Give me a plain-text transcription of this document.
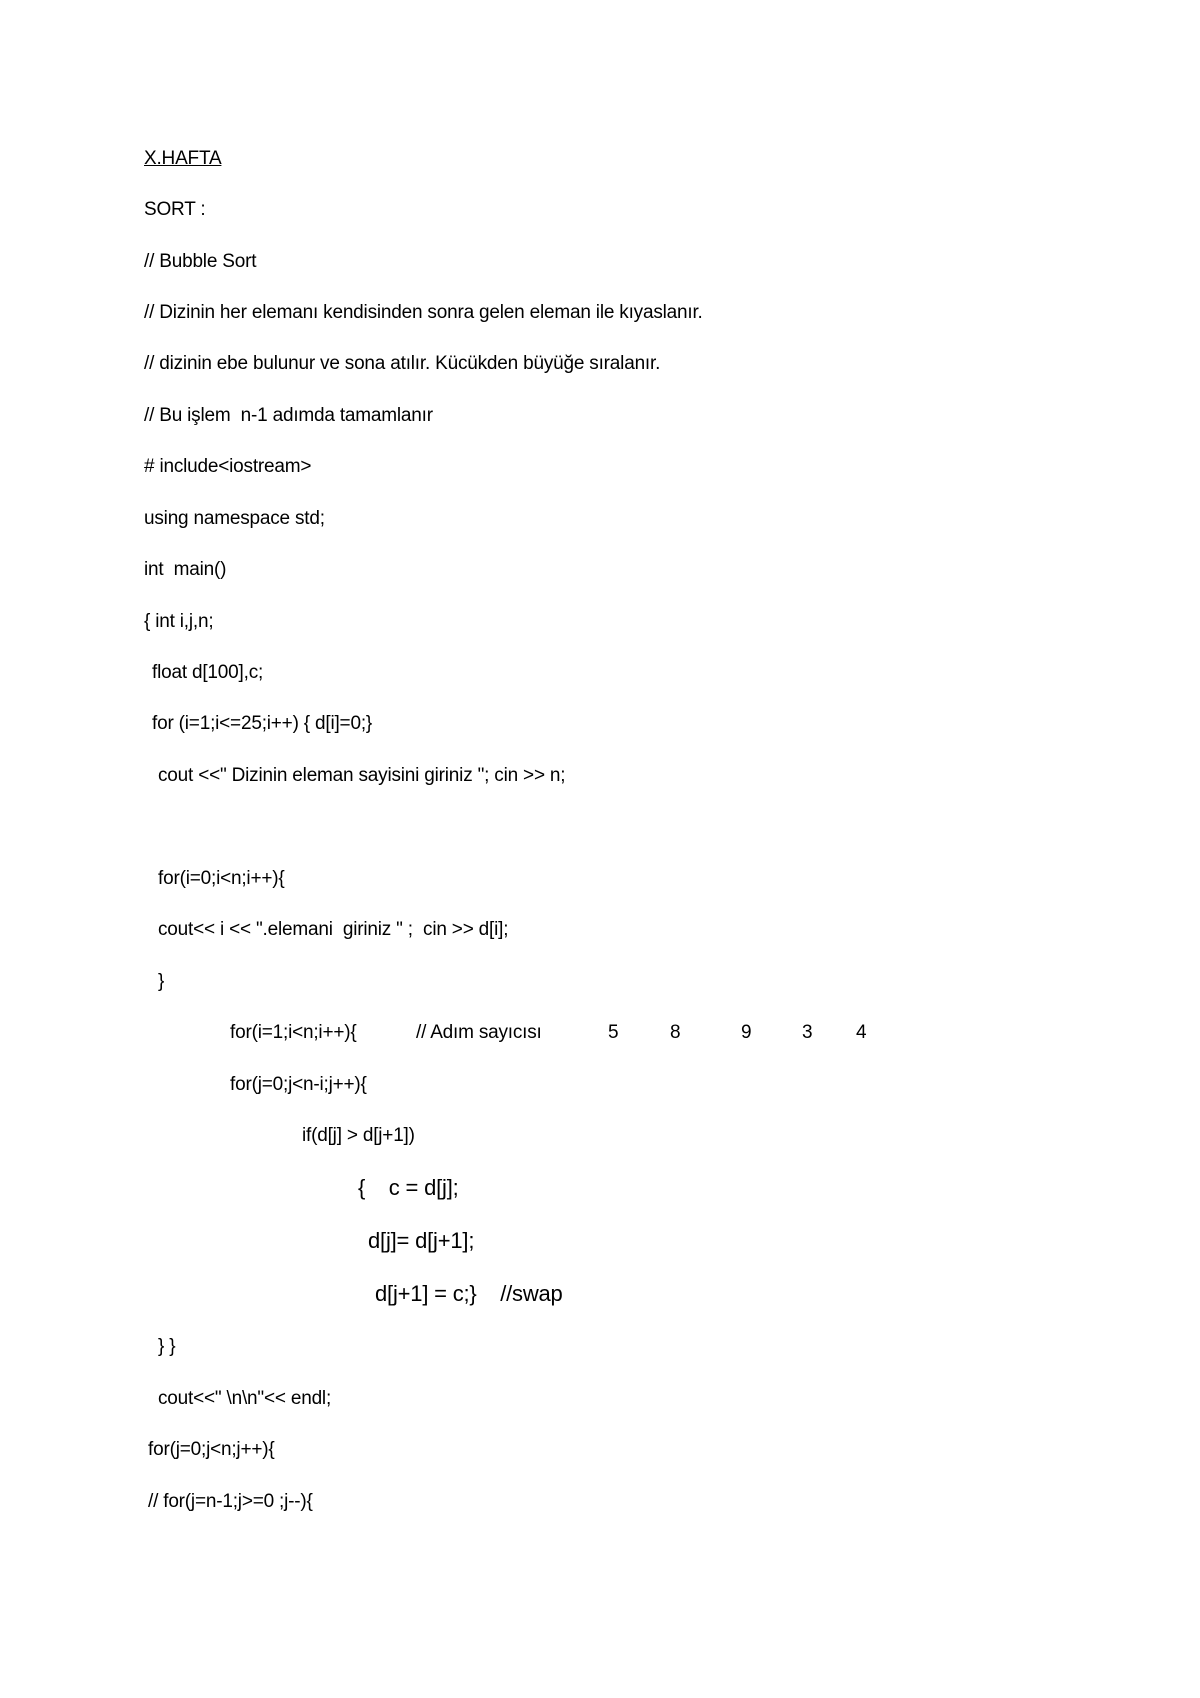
X.HAFTA
SORT :
// Bubble Sort
// Dizinin her elemanı kendisinden sonra gelen eleman ile kıyaslanır.
// dizinin ebe bulunur ve sona atılır. Kücükden büyüğe sıralanır.
// Bu işlem  n-1 adımda tamamlanır
# include<iostream>
using namespace std;
int  main()
{ int i,j,n;
float d[100],c;
for (i=1;i<=25;i++) { d[i]=0;}
cout <<" Dizinin eleman sayisini giriniz "; cin >> n;
for(i=0;i<n;i++){
cout<< i << ".elemani  giriniz " ;  cin >> d[i];
}
for(i=1;i<n;i++){	// Adım sayıcısı	5	8	9	3 4
for(j=0;j<n-i;j++){
if(d[j] > d[j+1])
{    c = d[j];
d[j]= d[j+1];
d[j+1] = c;}    //swap
} }
cout<<" \n\n"<< endl;
for(j=0;j<n;j++){
// for(j=n-1;j>=0 ;j--){
